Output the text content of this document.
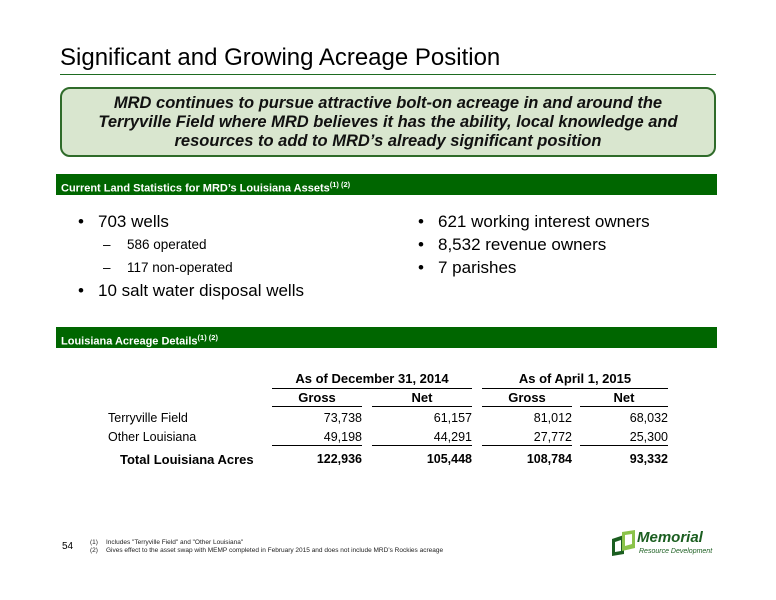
Significant and Growing Acreage Position
MRD continues to pursue attractive bolt-on acreage in and around the Terryville Field where MRD believes it has the ability, local knowledge and resources to add to MRD’s already significant position
Current Land Statistics for MRD’s Louisiana Assets$^{(1) (2)}$
• 703 wells
–	586 operated
–	117 non-operated
• 10 salt water disposal wells
• 621 working interest owners
• 8,532 revenue owners
• 7 parishes
Louisiana Acreage Details$^{(1) (2)}$
As of December 31, 2014	As of April 1, 2015
Gross	Net	Gross	Net
Terryville Field	73,738	61,157	81,012	68,032
Other Louisiana	49,198	44,291	27,772	25,300
Total Louisiana Acres	122,936	105,448	108,784	93,332
54	(1)	Includes "Terryville Field" and "Other Louisiana"
(2)	Gives effect to the asset swap with MEMP completed in February 2015 and does not include MRD’s Rockies acreage
Memorial
Resource Development
